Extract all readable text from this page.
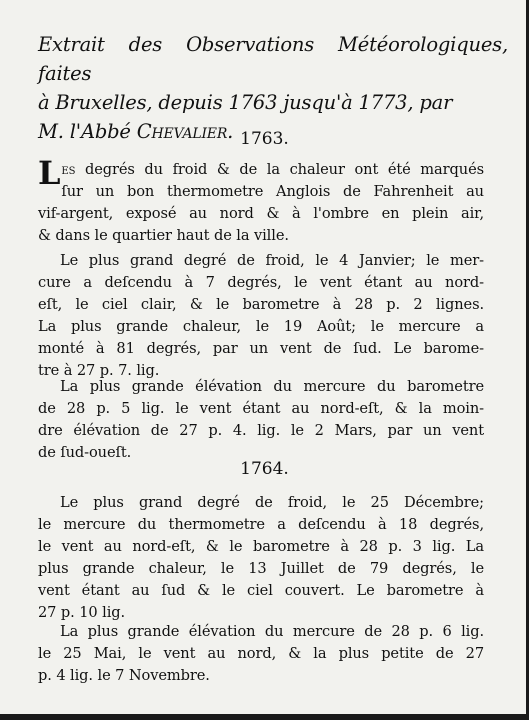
Extrait des Observations Météorologiques, faites
à Bruxelles, depuis 1763 jusqu'à 1773, par
M. l'Abbé Chevalier. 1763.
Les degrés du froid & de la chaleur ont été marqués
ſur un bon thermometre Anglois de Fahrenheit au
vif-argent, exposé au nord & à l'ombre en plein air,
& dans le quartier haut de la ville.
Le plus grand degré de froid, le 4 Janvier; le mer-
cure a deſcendu à 7 degrés, le vent étant au nord-
eſt, le ciel clair, & le barometre à 28 p. 2 lignes.
La plus grande chaleur, le 19 Août; le mercure a
monté à 81 degrés, par un vent de ſud. Le barome-
tre à 27 p. 7. lig.
La plus grande élévation du mercure du barometre
de 28 p. 5 lig. le vent étant au nord-eſt, & la moin-
dre élévation de 27 p. 4. lig. le 2 Mars, par un vent
de ſud-oueſt.
1764.
Le plus grand degré de froid, le 25 Décembre;
le mercure du thermometre a deſcendu à 18 degrés,
le vent au nord-eſt, & le barometre à 28 p. 3 lig. La
plus grande chaleur, le 13 Juillet de 79 degrés, le
vent étant au ſud & le ciel couvert. Le barometre à
27 p. 10 lig.
La plus grande élévation du mercure de 28 p. 6 lig.
le 25 Mai, le vent au nord, & la plus petite de 27
p. 4 lig. le 7 Novembre.
